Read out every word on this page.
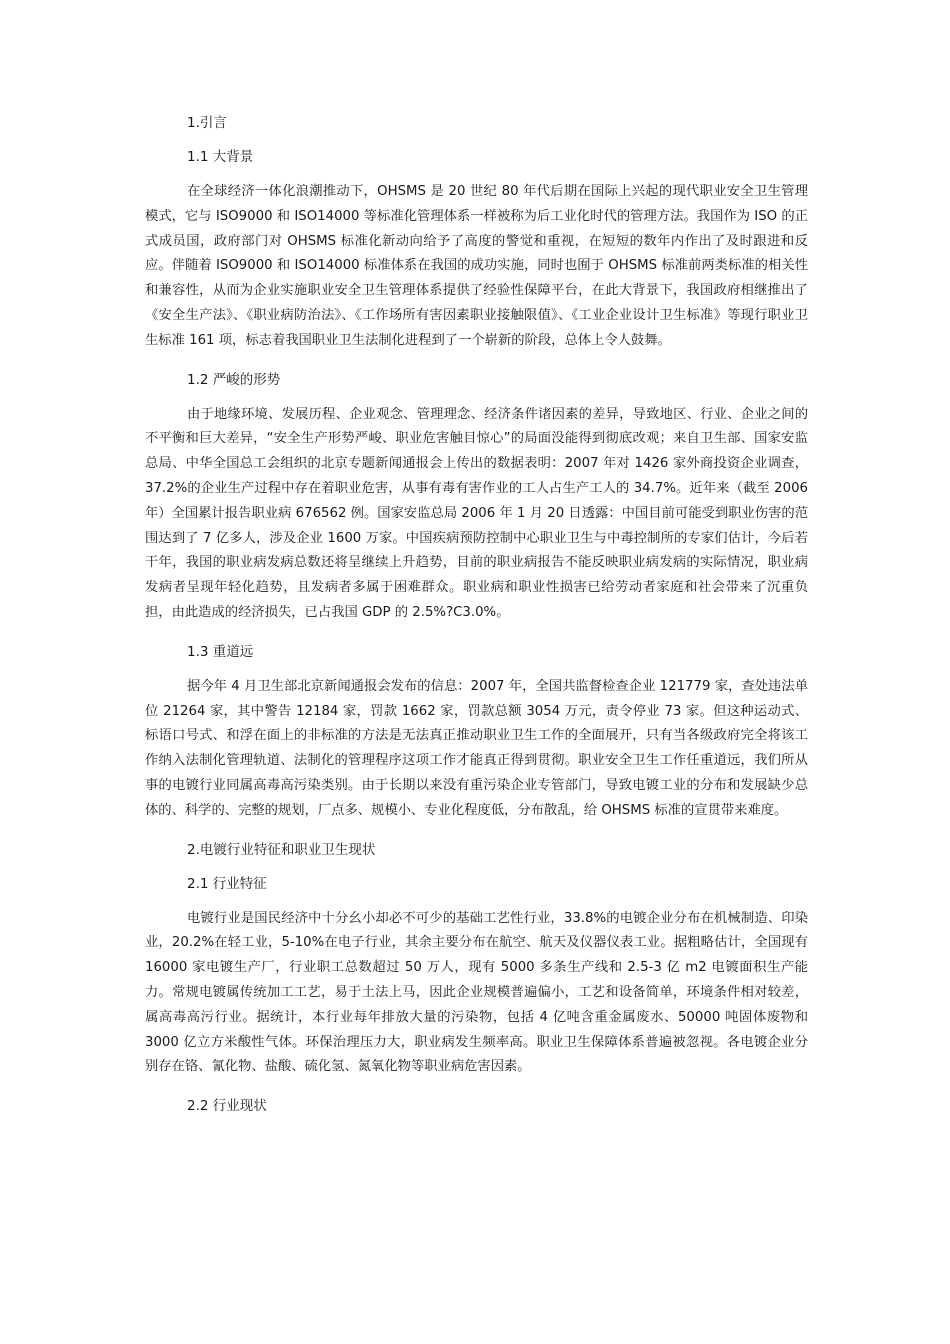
1.引言
1.1 大背景

在全球经济一体化浪潮推动下，OHSMS 是 20 世纪 80 年代后期在国际上兴起的现代职业安全卫生管理模式，它与 ISO9000 和 ISO14000 等标准化管理体系一样被称为后工业化时代的管理方法。我国作为 ISO 的正式成员国，政府部门对 OHSMS 标准化新动向给予了高度的警觉和重视，在短短的数年内作出了及时跟进和反应。伴随着 ISO9000 和 ISO14000 标准体系在我国的成功实施，同时也囿于 OHSMS 标准前两类标准的相关性和兼容性，从而为企业实施职业安全卫生管理体系提供了经验性保障平台，在此大背景下，我国政府相继推出了《安全生产法》、《职业病防治法》、《工作场所有害因素职业接触限值》、《工业企业设计卫生标准》等现行职业卫生标准 161 项，标志着我国职业卫生法制化进程到了一个崭新的阶段，总体上令人鼓舞。

1.2 严峻的形势

由于地缘环境、发展历程、企业观念、管理理念、经济条件诸因素的差异，导致地区、行业、企业之间的不平衡和巨大差异，“安全生产形势严峻、职业危害触目惊心”的局面没能得到彻底改观；来自卫生部、国家安监总局、中华全国总工会组织的北京专题新闻通报会上传出的数据表明：2007 年对 1426 家外商投资企业调查，37.2%的企业生产过程中存在着职业危害，从事有毒有害作业的工人占生产工人的 34.7%。近年来（截至 2006 年）全国累计报告职业病 676562 例。国家安监总局 2006 年 1 月 20 日透露：中国目前可能受到职业伤害的范围达到了 7 亿多人，涉及企业 1600 万家。中国疾病预防控制中心职业卫生与中毒控制所的专家们估计，今后若干年，我国的职业病发病总数还将呈继续上升趋势，目前的职业病报告不能反映职业病发病的实际情况，职业病发病者呈现年轻化趋势，且发病者多属于困难群众。职业病和职业性损害已给劳动者家庭和社会带来了沉重负担，由此造成的经济损失，已占我国 GDP 的 2.5%?C3.0%。

1.3 重道远

据今年 4 月卫生部北京新闻通报会发布的信息：2007 年，全国共监督检查企业 121779 家，查处违法单位 21264 家，其中警告 12184 家，罚款 1662 家，罚款总额 3054 万元，责令停业 73 家。但这种运动式、标语口号式、和浮在面上的非标准的方法是无法真正推动职业卫生工作的全面展开，只有当各级政府完全将该工作纳入法制化管理轨道、法制化的管理程序这项工作才能真正得到贯彻。职业安全卫生工作任重道远，我们所从事的电镀行业同属高毒高污染类别。由于长期以来没有重污染企业专管部门，导致电镀工业的分布和发展缺少总体的、科学的、完整的规划，厂点多、规模小、专业化程度低，分布散乱，给 OHSMS 标准的宣贯带来难度。

2.电镀行业特征和职业卫生现状
2.1 行业特征

电镀行业是国民经济中十分幺小却必不可少的基础工艺性行业，33.8%的电镀企业分布在机械制造、印染业，20.2%在轻工业，5-10%在电子行业，其余主要分布在航空、航天及仪器仪表工业。据粗略估计，全国现有 16000 家电镀生产厂，行业职工总数超过 50 万人，现有 5000 多条生产线和 2.5-3 亿 m2 电镀面积生产能力。常规电镀属传统加工工艺，易于土法上马，因此企业规模普遍偏小，工艺和设备简单，环境条件相对较差，属高毒高污行业。据统计，本行业每年排放大量的污染物，包括 4 亿吨含重金属废水、50000 吨固体废物和 3000 亿立方米酸性气体。环保治理压力大，职业病发生频率高。职业卫生保障体系普遍被忽视。各电镀企业分别存在铬、氰化物、盐酸、硫化氢、氮氧化物等职业病危害因素。

2.2 行业现状
